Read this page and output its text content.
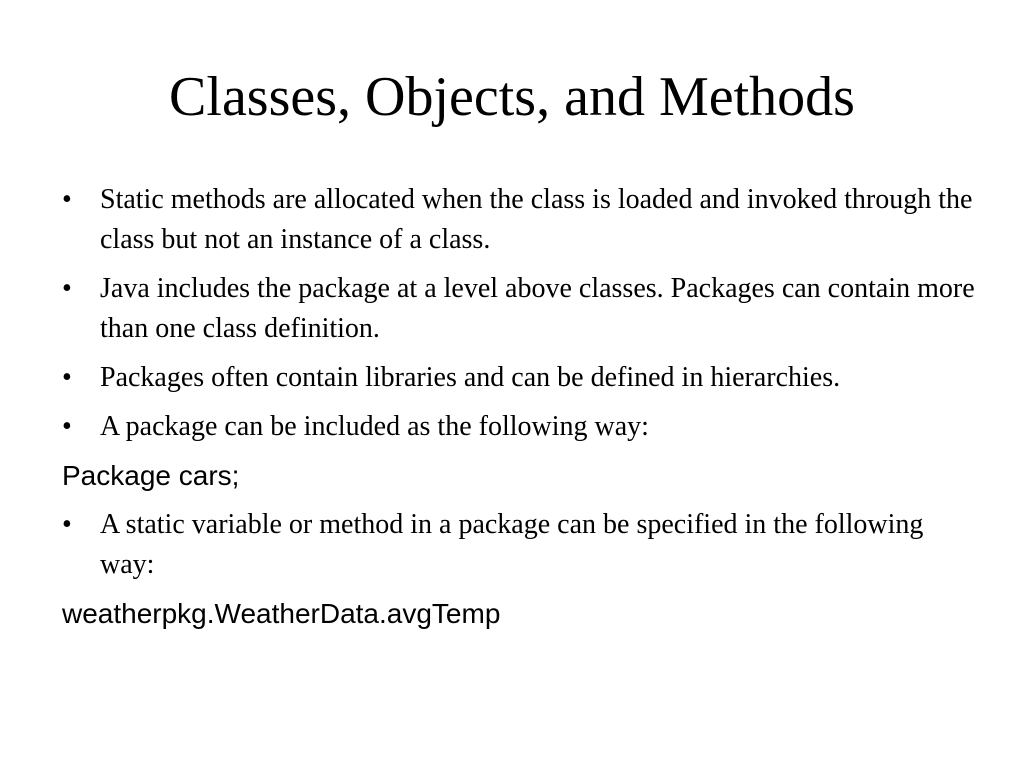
Classes, Objects, and Methods
•	Static methods are allocated when the class is loaded and invoked through the class but not an instance of a class.
•	Java includes the package at a level above classes. Packages can contain more than one class definition.
•	Packages often contain libraries and can be defined in hierarchies.
•	A package can be included as the following way:
Package cars;
•	A static variable or method in a package can be specified in the following way:
weatherpkg.WeatherData.avgTemp
